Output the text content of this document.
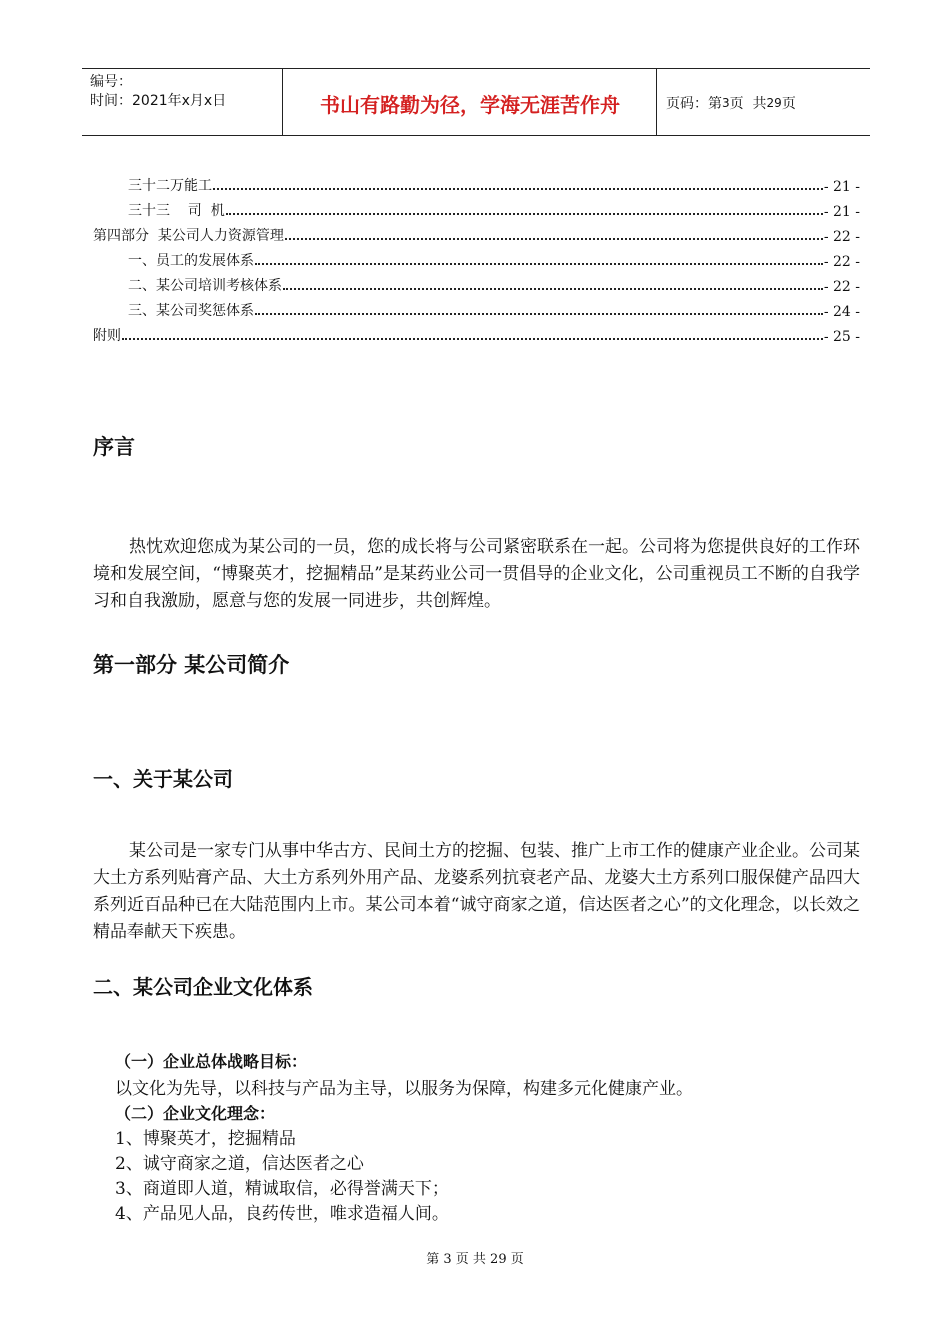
编号：
时间：2021年x月x日	书山有路勤为径，学海无涯苦作舟	页码：第 3 页  共 29 页
三十二万能工	- 21 -
三十三    司  机	- 21 -
第四部分  某公司人力资源管理	- 22 -
一、员工的发展体系	- 22 -
二、某公司培训考核体系	- 22 -
三、某公司奖惩体系	- 24 -
附则	- 25 -
序言

热忱欢迎您成为某公司的一员，您的成长将与公司紧密联系在一起。公司将为您提供良好的工作环境和发展空间，“博聚英才，挖掘精品”是某药业公司一贯倡导的企业文化，公司重视员工不断的自我学习和自我激励，愿意与您的发展一同进步，共创辉煌。

第一部分 某公司简介
一、关于某公司

某公司是一家专门从事中华古方、民间土方的挖掘、包装、推广上市工作的健康产业企业。公司某大土方系列贴膏产品、大土方系列外用产品、龙婆系列抗衰老产品、龙婆大土方系列口服保健产品四大系列近百品种已在大陆范围内上市。某公司本着“诚守商家之道，信达医者之心”的文化理念，以长效之精品奉献天下疾患。

二、某公司企业文化体系
（一）企业总体战略目标：
以文化为先导，以科技与产品为主导，以服务为保障，构建多元化健康产业。
（二）企业文化理念：
1、博聚英才，挖掘精品
2、诚守商家之道，信达医者之心
3、商道即人道，精诚取信，必得誉满天下；
4、产品见人品，良药传世，唯求造福人间。
第 3 页 共 29 页
